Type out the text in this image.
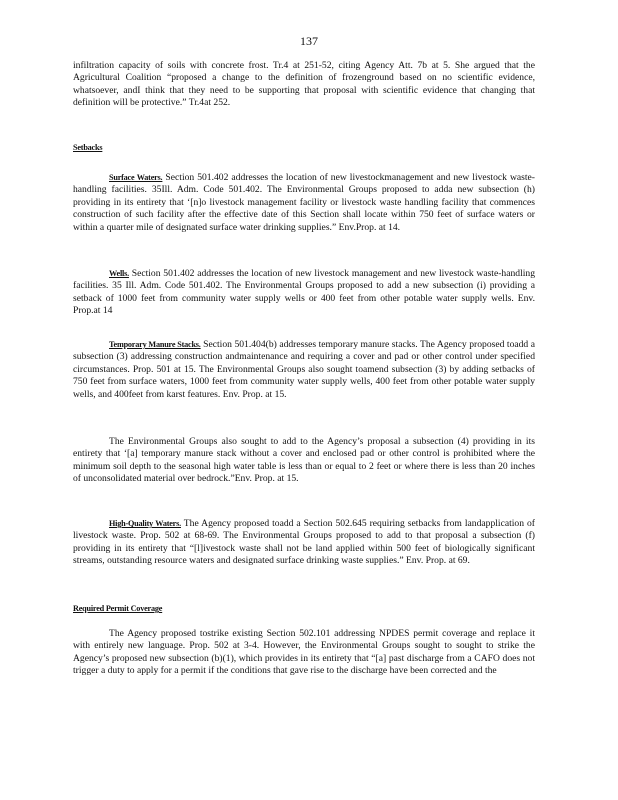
137

infiltration capacity of soils with concrete frost. Tr.4 at 251-52, citing Agency Att. 7b at 5. She argued that the Agricultural Coalition “proposed a change to the definition of frozenground based on no scientific evidence, whatsoever, andI think that they need to be supporting that proposal with scientific evidence that changing that definition will be protective.” Tr.4at 252.

Setbacks

Surface Waters. Section 501.402 addresses the location of new livestockmanagement and new livestock waste-handling facilities. 35Ill. Adm. Code 501.402. The Environmental Groups proposed to adda new subsection (h) providing in its entirety that ‘[n]o livestock management facility or livestock waste handling facility that commences construction of such facility after the effective date of this Section shall locate within 750 feet of surface waters or within a quarter mile of designated surface water drinking supplies.” Env.Prop. at 14.

Wells. Section 501.402 addresses the location of new livestock management and new livestock waste-handling facilities. 35 Ill. Adm. Code 501.402. The Environmental Groups proposed to add a new subsection (i) providing a setback of 1000 feet from community water supply wells or 400 feet from other potable water supply wells. Env. Prop.at 14

Temporary Manure Stacks. Section 501.404(b) addresses temporary manure stacks. The Agency proposed toadd a subsection (3) addressing construction andmaintenance and requiring a cover and pad or other control under specified circumstances. Prop. 501 at 15. The Environmental Groups also sought toamend subsection (3) by adding setbacks of 750 feet from surface waters, 1000 feet from community water supply wells, 400 feet from other potable water supply wells, and 400feet from karst features. Env. Prop. at 15.

The Environmental Groups also sought to add to the Agency’s proposal a subsection (4) providing in its entirety that ‘[a] temporary manure stack without a cover and enclosed pad or other control is prohibited where the minimum soil depth to the seasonal high water table is less than or equal to 2 feet or where there is less than 20 inches of unconsolidated material over bedrock.”Env. Prop. at 15.

High-Quality Waters. The Agency proposed toadd a Section 502.645 requiring setbacks from landapplication of livestock waste. Prop. 502 at 68-69. The Environmental Groups proposed to add to that proposal a subsection (f) providing in its entirety that “[l]ivestock waste shall not be land applied within 500 feet of biologically significant streams, outstanding resource waters and designated surface drinking waste supplies.” Env. Prop. at 69.

Required Permit Coverage

The Agency proposed tostrike existing Section 502.101 addressing NPDES permit coverage and replace it with entirely new language. Prop. 502 at 3-4. However, the Environmental Groups sought to sought to strike the Agency’s proposed new subsection (b)(1), which provides in its entirety that “[a] past discharge from a CAFO does not trigger a duty to apply for a permit if the conditions that gave rise to the discharge have been corrected and the
